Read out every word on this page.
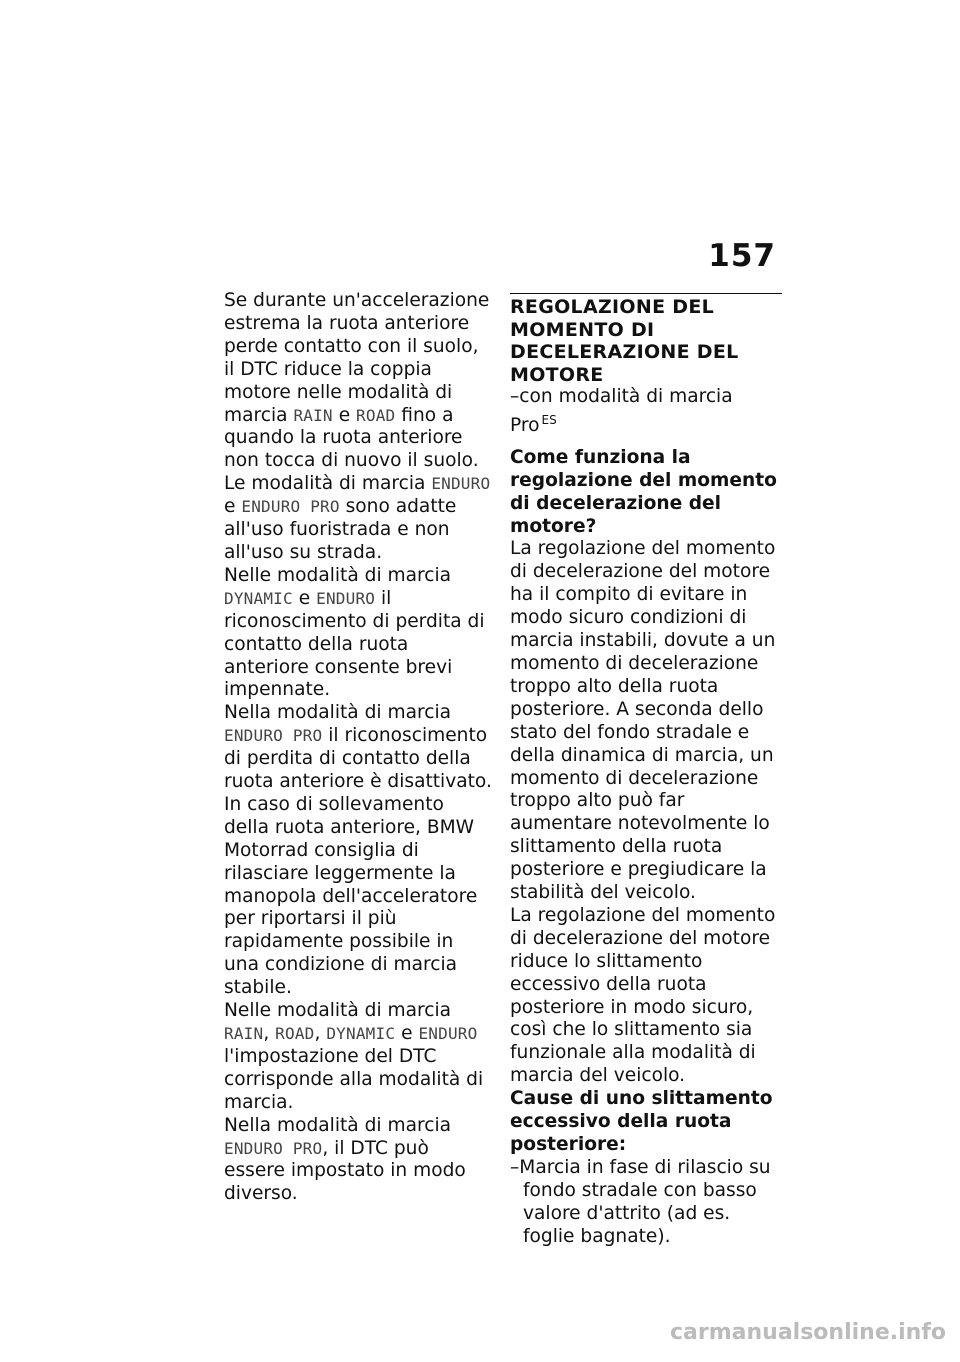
157

Se durante un'accelerazione estrema la ruota anteriore perde contatto con il suolo, il DTC riduce la coppia motore nelle modalità di marcia RAIN e ROAD fino a quando la ruota anteriore non tocca di nuovo il suolo.

Le modalità di marcia ENDURO e ENDURO PRO sono adatte all'uso fuoristrada e non all'uso su strada.

Nelle modalità di marcia DYNAMIC e ENDURO il riconoscimento di perdita di contatto della ruota anteriore consente brevi impennate.

Nella modalità di marcia ENDURO PRO il riconoscimento di perdita di contatto della ruota anteriore è disattivato.

In caso di sollevamento della ruota anteriore, BMW Motorrad consiglia di rilasciare leggermente la manopola dell'acceleratore per riportarsi il più rapidamente possibile in una condizione di marcia stabile.

Nelle modalità di marcia RAIN, ROAD, DYNAMIC e ENDURO l'impostazione del DTC corrisponde alla modalità di marcia.

Nella modalità di marcia ENDURO PRO, il DTC può essere impostato in modo diverso.

REGOLAZIONE DEL MOMENTO DI DECELERAZIONE DEL MOTORE

–con modalità di marcia Pro $^{ES}$

Come funziona la regolazione del momento di decelerazione del motore?

La regolazione del momento di decelerazione del motore ha il compito di evitare in modo sicuro condizioni di marcia instabili, dovute a un momento di decelerazione troppo alto della ruota posteriore. A seconda dello stato del fondo stradale e della dinamica di marcia, un momento di decelerazione troppo alto può far aumentare notevolmente lo slittamento della ruota posteriore e pregiudicare la stabilità del veicolo.

La regolazione del momento di decelerazione del motore riduce lo slittamento eccessivo della ruota posteriore in modo sicuro, così che lo slittamento sia funzionale alla modalità di marcia del veicolo.

Cause di uno slittamento eccessivo della ruota posteriore:

–Marcia in fase di rilascio su fondo stradale con basso valore d'attrito (ad es. foglie bagnate).
carmanualsonline.info
